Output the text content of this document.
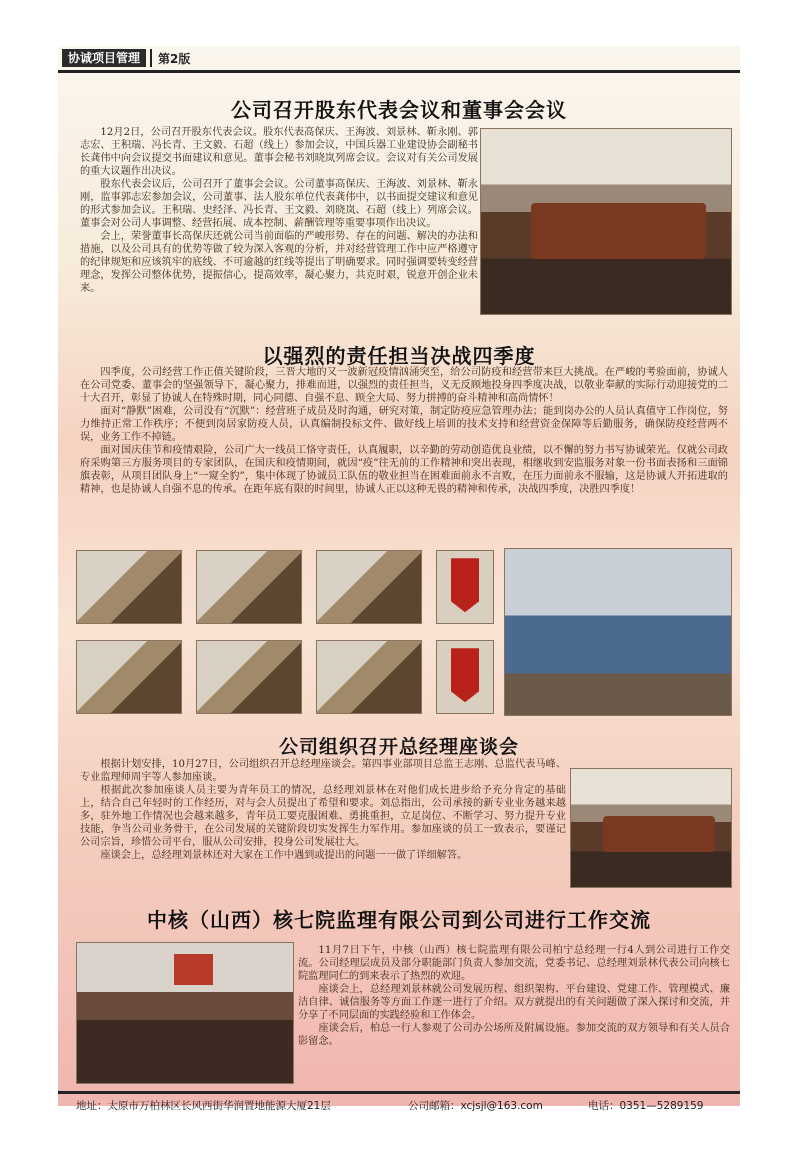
协诚项目管理	第2版
公司召开股东代表会议和董事会会议

12月2日，公司召开股东代表会议。股东代表高保庆、王海波、刘景林、靳永刚、郭志宏、王积瑞、冯长青、王文毅、石超（线上）参加会议，中国兵器工业建设协会副秘书长龚伟中向会议提交书面建议和意见。董事会秘书刘晓岚列席会议。会议对有关公司发展的重大议题作出决议。

股东代表会议后，公司召开了董事会会议。公司董事高保庆、王海波、刘景林、靳永刚，监事郭志宏参加会议，公司董事、法人股东单位代表龚伟中，以书面提交建议和意见的形式参加会议。王积瑞、史经泽、冯长青、王文毅、刘晓岚、石超（线上）列席会议。董事会对公司人事调整、经营拓展、成本控制、薪酬管理等重要事项作出决议。

会上，荣誉董事长高保庆还就公司当前面临的严峻形势、存在的问题、解决的办法和措施，以及公司具有的优势等做了较为深入客观的分析，并对经营管理工作中应严格遵守的纪律规矩和应该筑牢的底线、不可逾越的红线等提出了明确要求。同时强调要转变经营理念，发挥公司整体优势，提振信心，提高效率，凝心聚力，共克时艰，锐意开创企业未来。

以强烈的责任担当决战四季度

四季度，公司经营工作正值关键阶段，三晋大地的又一波新冠疫情汹涌突至，给公司防疫和经营带来巨大挑战。在严峻的考验面前，协诚人在公司党委、董事会的坚强领导下，凝心聚力，排难而进，以强烈的责任担当，义无反顾地投身四季度决战，以敬业奉献的实际行动迎接党的二十大召开，彰显了协诚人在特殊时期，同心同德、自强不息、顾全大局、努力拼搏的奋斗精神和高尚情怀！

面对“静默”困难，公司没有“沉默”：经营班子成员及时沟通，研究对策，制定防疫应急管理办法；能到岗办公的人员认真值守工作岗位，努力维持正常工作秩序；不便到岗居家防疫人员，认真编制投标文件、做好线上培训的技术支持和经营资金保障等后勤服务，确保防疫经营两不误，业务工作不掉链。

面对国庆佳节和疫情艰险，公司广大一线员工恪守责任，认真履职，以辛勤的劳动创造优良业绩，以不懈的努力书写协诚荣光。仅就公司政府采购第三方服务项目的专家团队，在国庆和疫情期间，就因“疫”往无前的工作精神和突出表现，相继收到安监服务对象一份书面表扬和三面锦旗表彰，从项目团队身上“一窥全豹”，集中体现了协诚员工队伍的敬业担当在困难面前永不言败，在压力面前永不服输，这是协诚人开拓进取的精神，也是协诚人自强不息的传承。在距年底有限的时间里，协诚人正以这种无畏的精神和传承，决战四季度，决胜四季度！

公司组织召开总经理座谈会

根据计划安排，10月27日，公司组织召开总经理座谈会。第四事业部项目总监王志刚、总监代表马峰、专业监理师周宇等人参加座谈。

根据此次参加座谈人员主要为青年员工的情况，总经理刘景林在对他们成长进步给予充分肯定的基础上，结合自己年轻时的工作经历，对与会人员提出了希望和要求。刘总指出，公司承接的新专业业务越来越多，驻外地工作情况也会越来越多，青年员工要克服困难、勇挑重担，立足岗位、不断学习、努力提升专业技能，争当公司业务骨干，在公司发展的关键阶段切实发挥生力军作用。参加座谈的员工一致表示，要谨记公司宗旨，珍惜公司平台，服从公司安排，投身公司发展壮大。

座谈会上，总经理刘景林还对大家在工作中遇到或提出的问题一一做了详细解答。

中核（山西）核七院监理有限公司到公司进行工作交流

11月7日下午，中核（山西）核七院监理有限公司柏宁总经理一行4人到公司进行工作交流。公司经理层成员及部分职能部门负责人参加交流，党委书记、总经理刘景林代表公司向核七院监理同仁的到来表示了热烈的欢迎。

座谈会上，总经理刘景林就公司发展历程、组织架构、平台建设、党建工作、管理模式、廉洁自律、诚信服务等方面工作逐一进行了介绍。双方就提出的有关问题做了深入探讨和交流，并分享了不同层面的实践经验和工作体会。

座谈会后，柏总一行人参观了公司办公场所及附属设施。参加交流的双方领导和有关人员合影留念。

地址：太原市万柏林区长风西街华润置地能源大厦21层	公司邮箱：xcjsjl@163.com	电话：0351—5289159
